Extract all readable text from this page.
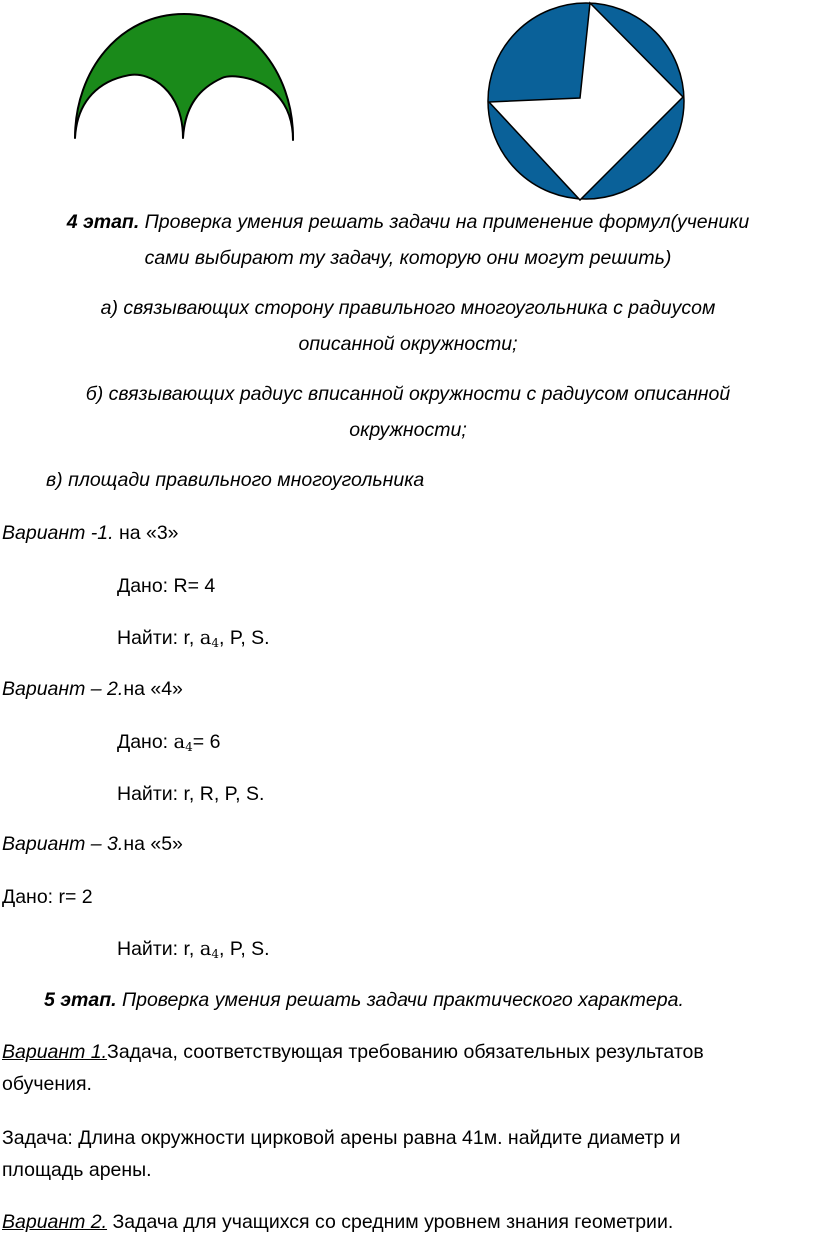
4 этап. Проверка умения решать задачи на применение формул(ученики
сами выбирают ту задачу, которую они могут решить)
а) связывающих сторону правильного многоугольника с радиусом
описанной окружности;
б) связывающих радиус вписанной окружности с радиусом описанной
окружности;
в) площади правильного многоугольника
Вариант -1. на «3»
Дано: R= 4
Найти: r, $a_4$, P, S.
Вариант – 2.на «4»
Дано: $a_4= 6$
Найти: r, R, P, S.
Вариант – 3.на «5»
Дано: r= 2
Найти: r, $a_4$, P, S.
5 этап. Проверка умения решать задачи практического характера.
Вариант 1.Задача, соответствующая требованию обязательных результатов
обучения.
Задача: Длина окружности цирковой арены равна 41м. найдите диаметр и
площадь арены.
Вариант 2. Задача для учащихся со средним уровнем знания геометрии.
